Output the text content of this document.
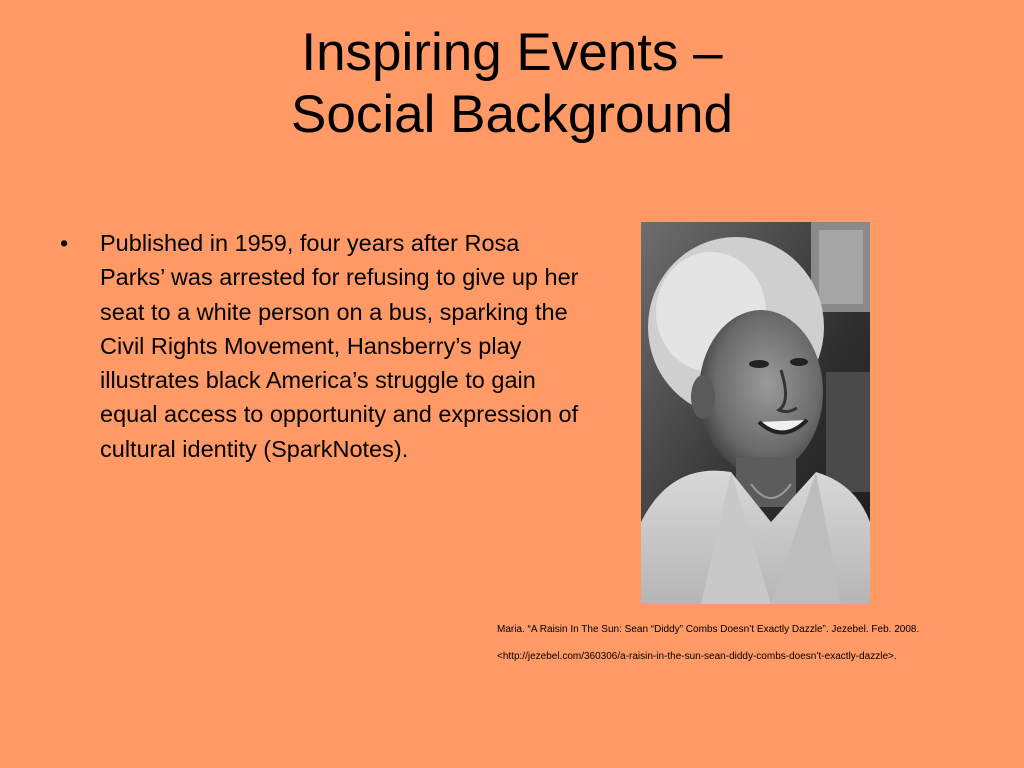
Inspiring Events –
Social Background
• Published in 1959, four years after Rosa Parks’ was arrested for refusing to give up her seat to a white person on a bus, sparking the Civil Rights Movement, Hansberry’s play illustrates black America’s struggle to gain equal access to opportunity and expression of cultural identity (SparkNotes).

Maria. “A Raisin In The Sun: Sean “Diddy” Combs Doesn’t Exactly Dazzle”. Jezebel. Feb. 2008.

<http://jezebel.com/360306/a-raisin-in-the-sun-sean-diddy-combs-doesn’t-exactly-dazzle>.
